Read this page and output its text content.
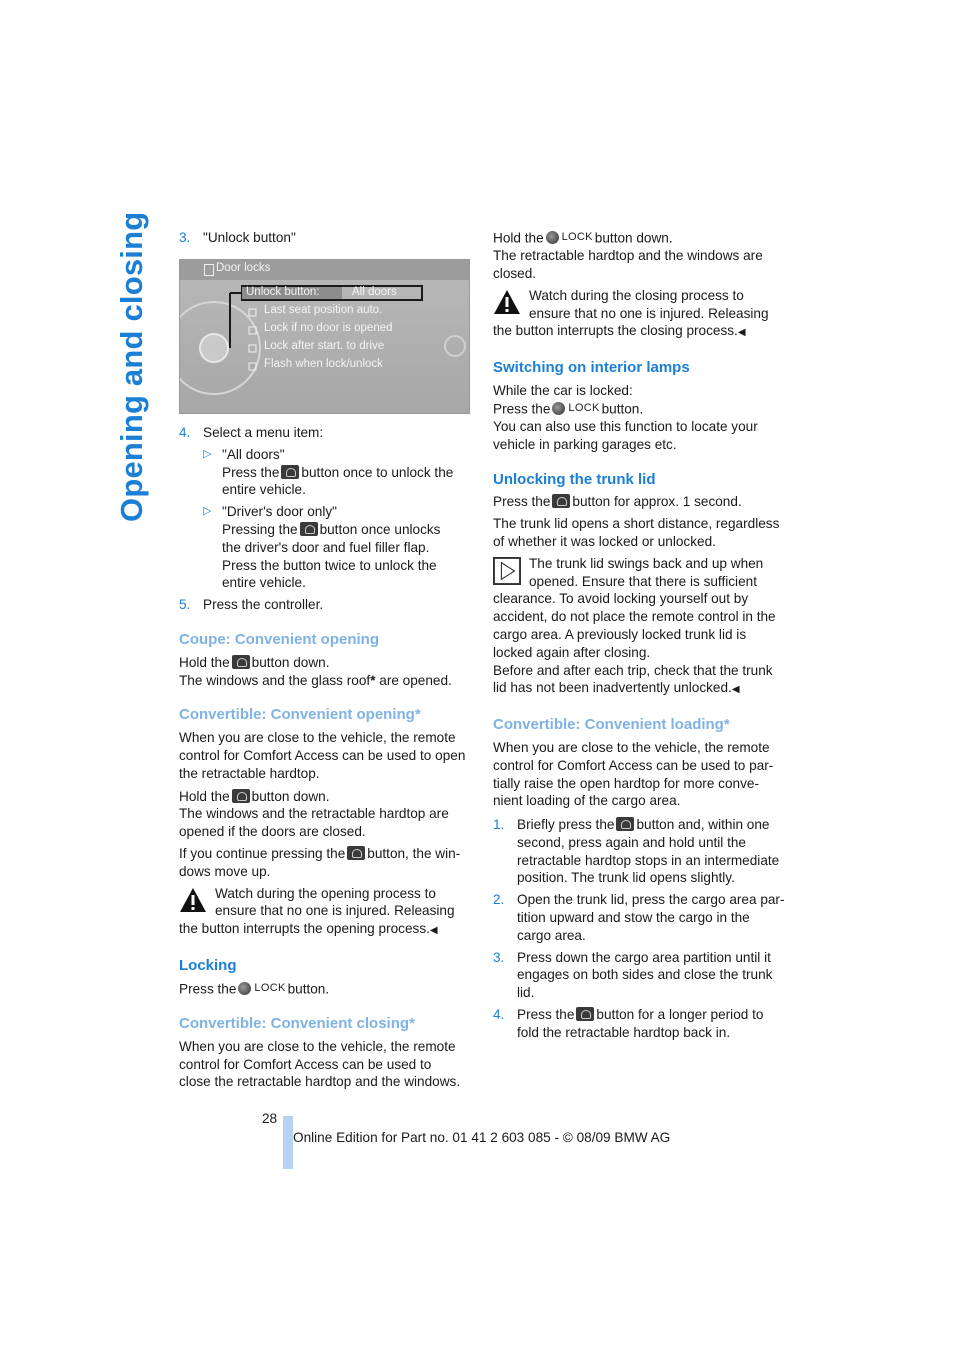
Opening and closing 3. "Unlock button"
Door locks
Unlock button:	All doors
Last seat position auto.
Lock if no door is opened
Lock after start. to drive
Flash when lock/unlock
4. Select a menu item:
▷ "All doors"

Press the button once to unlock the

entire vehicle.

▷ "Driver's door only"

Pressing the button once unlocks

the driver's door and fuel filler flap.

Press the button twice to unlock the

entire vehicle.

5. Press the controller.

Coupe: Convenient opening

Hold the button down.

The windows and the glass roof* are opened.

Convertible: Convenient opening*

When you are close to the vehicle, the remote

control for Comfort Access can be used to open

the retractable hardtop.

Hold the button down.

The windows and the retractable hardtop are

opened if the doors are closed.

If you continue pressing the button, the win-

dows move up.

Watch during the opening process to

ensure that no one is injured. Releasing

the button interrupts the opening process.◀

Locking

Press the LOCK button.

Convertible: Convenient closing*

When you are close to the vehicle, the remote

control for Comfort Access can be used to

close the retractable hardtop and the windows.

Hold the LOCK button down.

The retractable hardtop and the windows are

closed.

Watch during the closing process to

ensure that no one is injured. Releasing

the button interrupts the closing process.◀

Switching on interior lamps

While the car is locked:

Press the LOCK button.

You can also use this function to locate your

vehicle in parking garages etc.

Unlocking the trunk lid

Press the button for approx. 1 second.

The trunk lid opens a short distance, regardless

of whether it was locked or unlocked.

The trunk lid swings back and up when

opened. Ensure that there is sufficient

clearance. To avoid locking yourself out by

accident, do not place the remote control in the

cargo area. A previously locked trunk lid is

locked again after closing.

Before and after each trip, check that the trunk

lid has not been inadvertently unlocked.◀

Convertible: Convenient loading*

When you are close to the vehicle, the remote

control for Comfort Access can be used to par-

tially raise the open hardtop for more conve-

nient loading of the cargo area.

1. Briefly press the button and, within one

second, press again and hold until the

retractable hardtop stops in an intermediate

position. The trunk lid opens slightly.

2. Open the trunk lid, press the cargo area par-

tition upward and stow the cargo in the

cargo area.

3. Press down the cargo area partition until it

engages on both sides and close the trunk

lid.

4. Press the button for a longer period to

fold the retractable hardtop back in.

28
Online Edition for Part no. 01 41 2 603 085 - © 08/09 BMW AG
